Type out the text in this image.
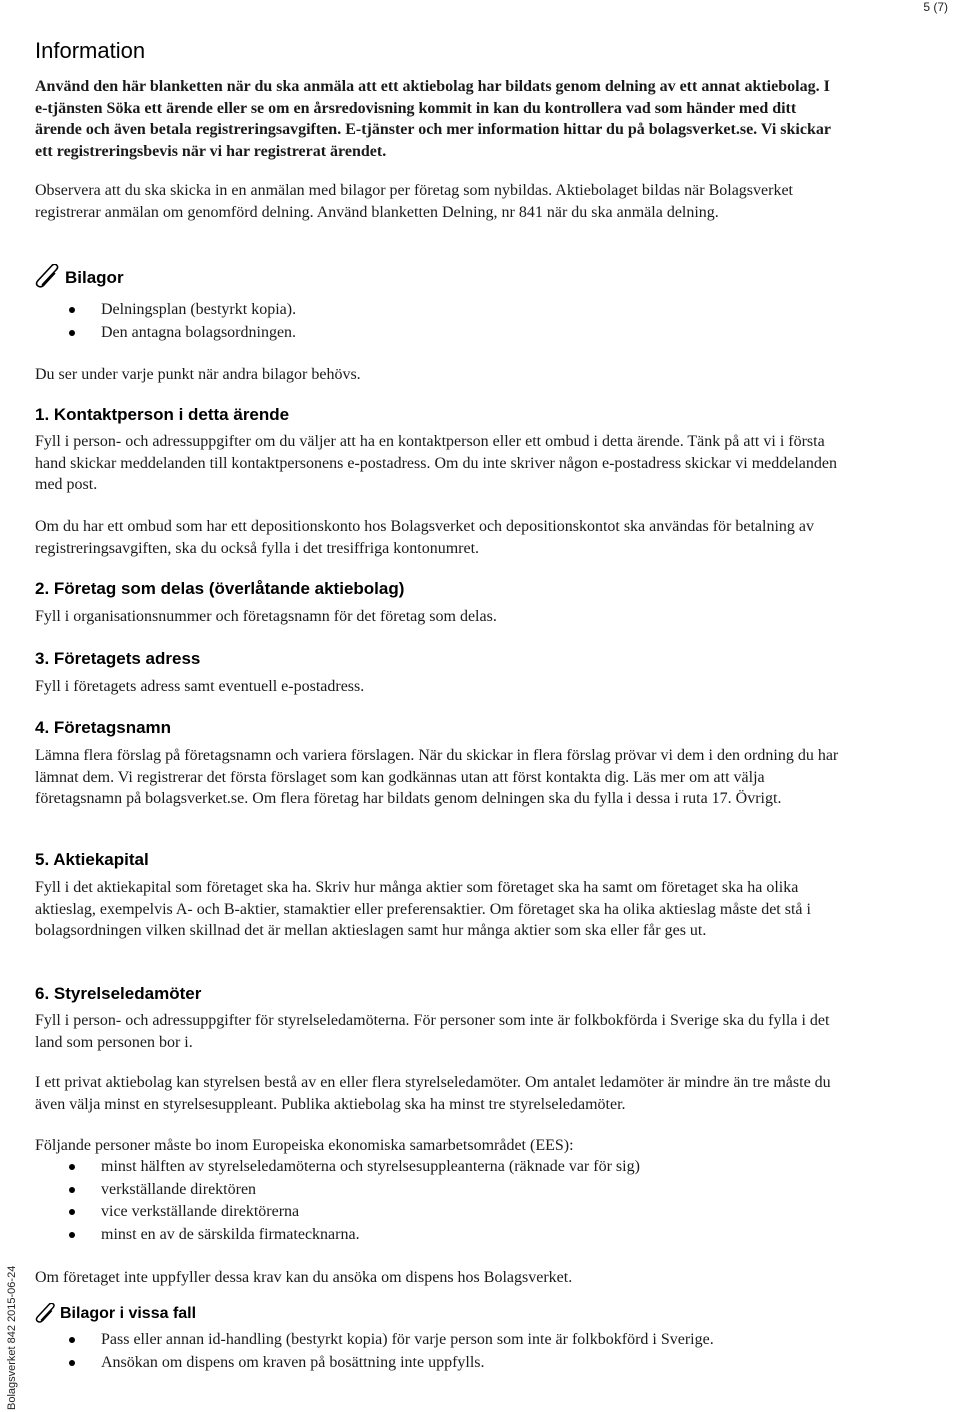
5 (7)
Bolagsverket 842 2015-06-24
Information

Använd den här blanketten när du ska anmäla att ett aktiebolag har bildats genom delning av ett annat aktiebolag. I e-tjänsten Söka ett ärende eller se om en årsredovisning kommit in kan du kontrollera vad som händer med ditt ärende och även betala registreringsavgiften. E-tjänster och mer information hittar du på bolagsverket.se. Vi skickar ett registreringsbevis när vi har registrerat ärendet.

Observera att du ska skicka in en anmälan med bilagor per företag som nybildas. Aktiebolaget bildas när Bolagsverket registrerar anmälan om genomförd delning. Använd blanketten Delning, nr 841 när du ska anmäla delning.

Bilagor
Delningsplan (bestyrkt kopia).
Den antagna bolagsordningen.

Du ser under varje punkt när andra bilagor behövs.

1. Kontaktperson i detta ärende

Fyll i person- och adressuppgifter om du väljer att ha en kontaktperson eller ett ombud i detta ärende. Tänk på att vi i första hand skickar meddelanden till kontaktpersonens e-postadress. Om du inte skriver någon e-postadress skickar vi meddelanden med post.

Om du har ett ombud som har ett depositionskonto hos Bolagsverket och depositionskontot ska användas för betalning av registreringsavgiften, ska du också fylla i det tresiffriga kontonumret.

2. Företag som delas (överlåtande aktiebolag)

Fyll i organisationsnummer och företagsnamn för det företag som delas.

3. Företagets adress

Fyll i företagets adress samt eventuell e-postadress.

4. Företagsnamn

Lämna flera förslag på företagsnamn och variera förslagen. När du skickar in flera förslag prövar vi dem i den ordning du har lämnat dem. Vi registrerar det första förslaget som kan godkännas utan att först kontakta dig. Läs mer om att välja företagsnamn på bolagsverket.se. Om flera företag har bildats genom delningen ska du fylla i dessa i ruta 17. Övrigt.

5. Aktiekapital

Fyll i det aktiekapital som företaget ska ha. Skriv hur många aktier som företaget ska ha samt om företaget ska ha olika aktieslag, exempelvis A- och B-aktier, stamaktier eller preferensaktier. Om företaget ska ha olika aktieslag måste det stå i bolagsordningen vilken skillnad det är mellan aktieslagen samt hur många aktier som ska eller får ges ut.

6. Styrelseledamöter

Fyll i person- och adressuppgifter för styrelseledamöterna. För personer som inte är folkbokförda i Sverige ska du fylla i det land som personen bor i.

I ett privat aktiebolag kan styrelsen bestå av en eller flera styrelseledamöter. Om antalet ledamöter är mindre än tre måste du även välja minst en styrelsesuppleant. Publika aktiebolag ska ha minst tre styrelseledamöter.

Följande personer måste bo inom Europeiska ekonomiska samarbetsområdet (EES):

minst hälften av styrelseledamöterna och styrelsesuppleanterna (räknade var för sig)
verkställande direktören
vice verkställande direktörerna
minst en av de särskilda firmatecknarna.

Om företaget inte uppfyller dessa krav kan du ansöka om dispens hos Bolagsverket.

Bilagor i vissa fall
Pass eller annan id-handling (bestyrkt kopia) för varje person som inte är folkbokförd i Sverige.
Ansökan om dispens om kraven på bosättning inte uppfylls.
